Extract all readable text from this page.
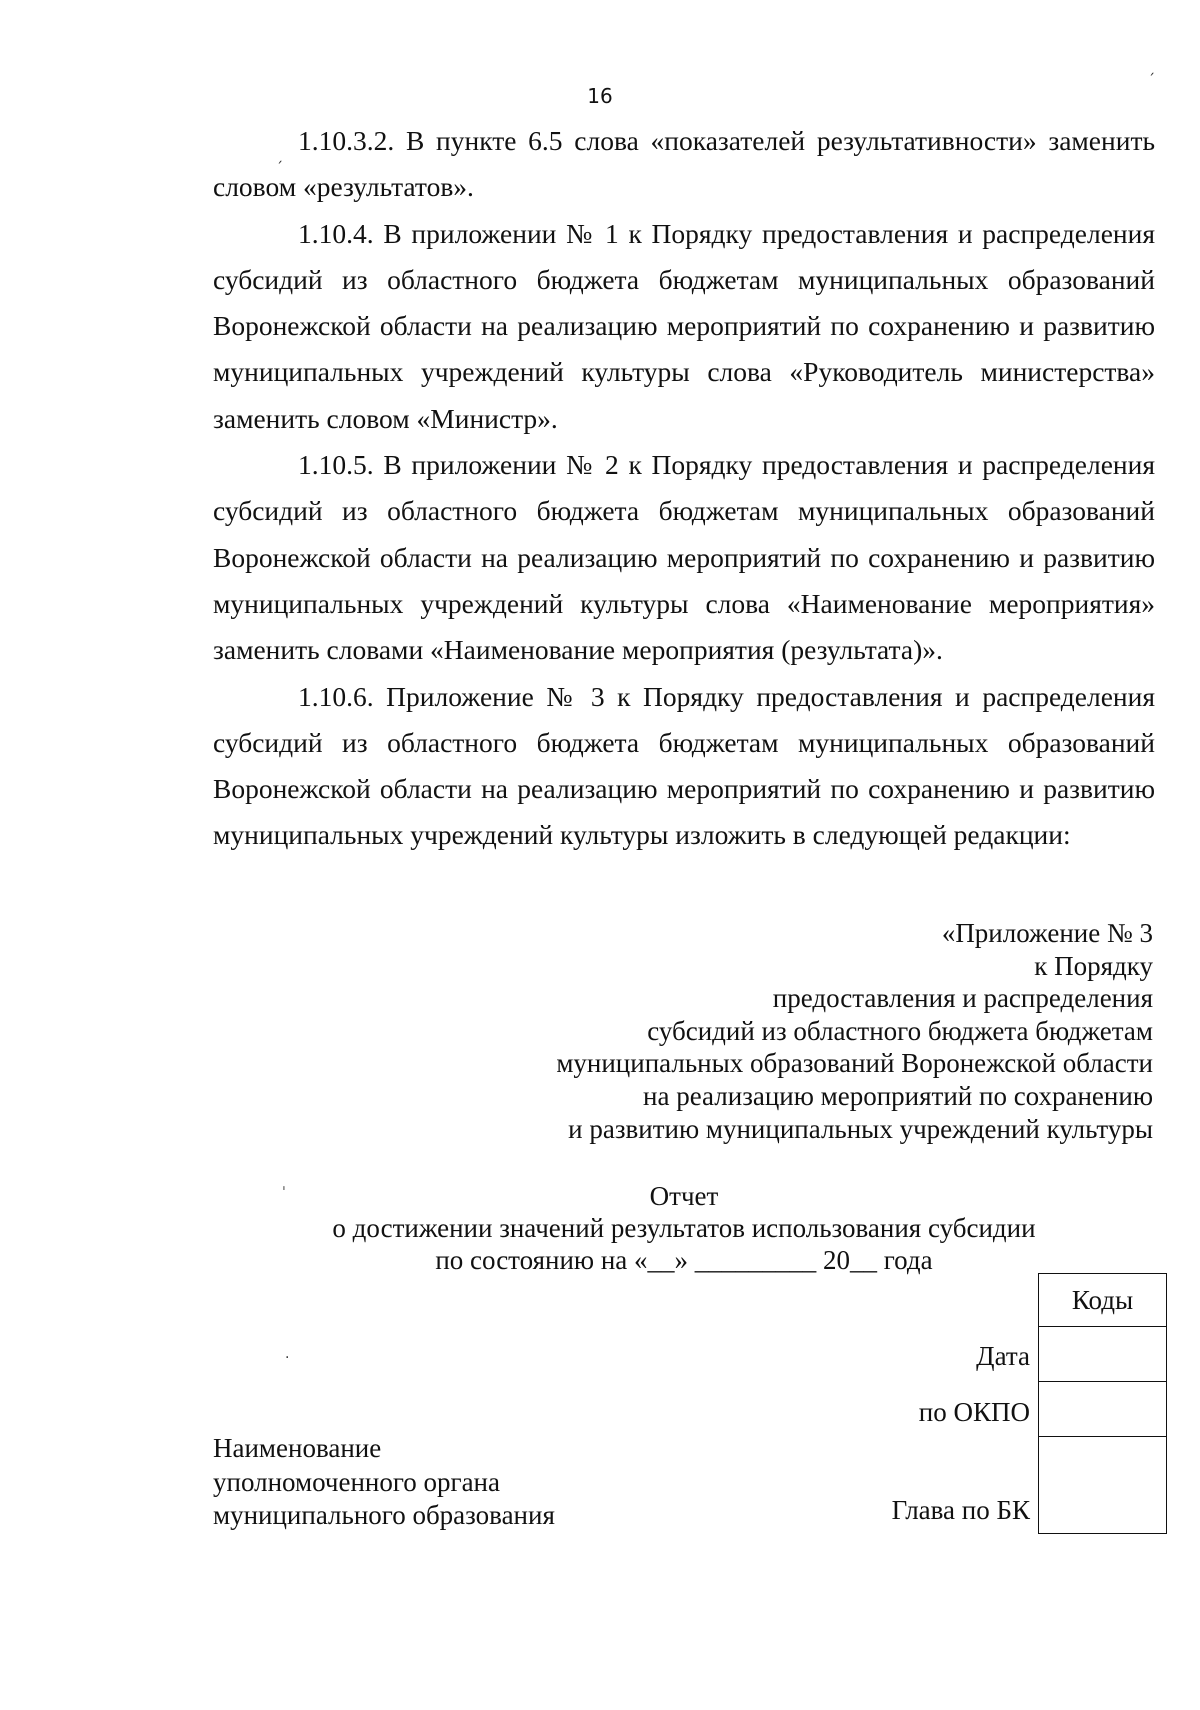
16

1.10.3.2. В пункте 6.5 слова «показателей результативности» заменить словом «результатов».

1.10.4. В приложении № 1 к Порядку предоставления и распределения субсидий из областного бюджета бюджетам муниципальных образований Воронежской области на реализацию мероприятий по сохранению и развитию муниципальных учреждений культуры слова «Руководитель министерства» заменить словом «Министр».

1.10.5. В приложении № 2 к Порядку предоставления и распределения субсидий из областного бюджета бюджетам муниципальных образований Воронежской области на реализацию мероприятий по сохранению и развитию муниципальных учреждений культуры слова «Наименование мероприятия» заменить словами «Наименование мероприятия (результата)».

1.10.6. Приложение № 3 к Порядку предоставления и распределения субсидий из областного бюджета бюджетам муниципальных образований Воронежской области на реализацию мероприятий по сохранению и развитию муниципальных учреждений культуры изложить в следующей редакции:

«Приложение № 3
к Порядку
предоставления и распределения
субсидий из областного бюджета бюджетам
муниципальных образований Воронежской области
на реализацию мероприятий по сохранению
и развитию муниципальных учреждений культуры
Отчет
о достижении значений результатов использования субсидии
по состоянию на «__» _________ 20__ года
Коды
Дата
по ОКПО
Глава по БК
Наименование
уполномоченного органа
муниципального образования
ˏ
ˏ
ˈ
·
